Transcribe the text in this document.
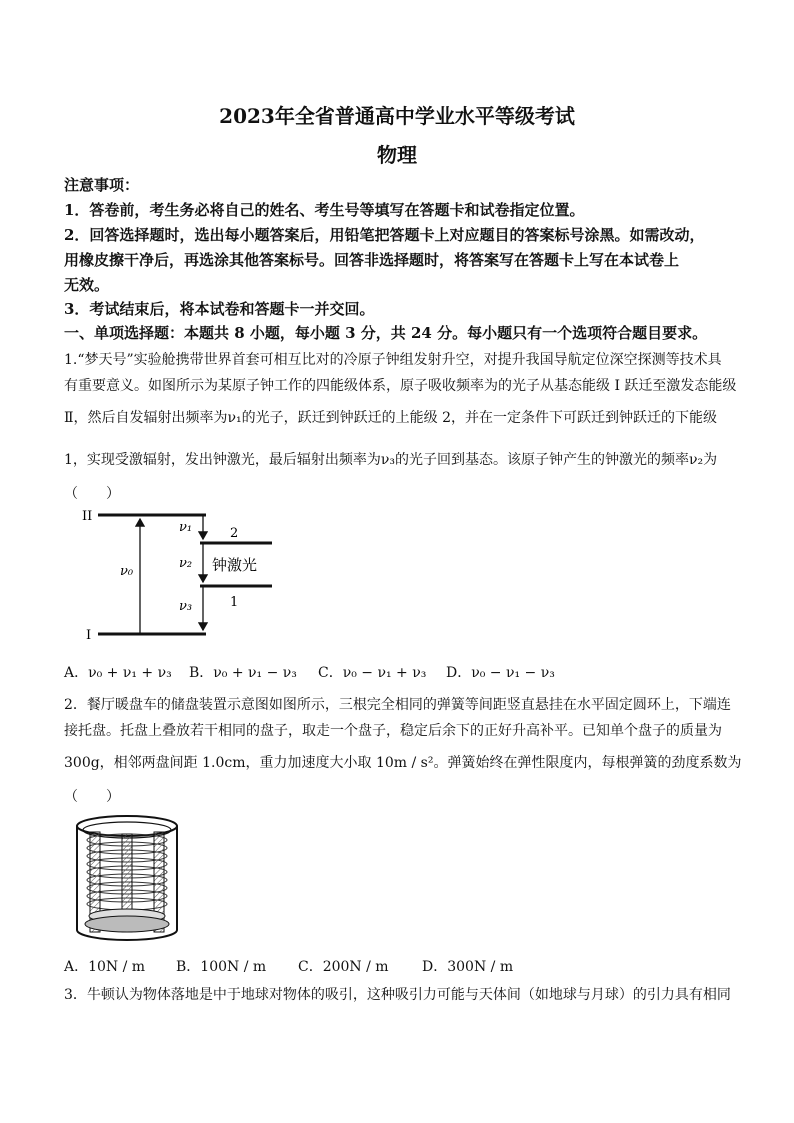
2023年全省普通高中学业水平等级考试
物理
注意事项：
1．答卷前，考生务必将自己的姓名、考生号等填写在答题卡和试卷指定位置。
2．回答选择题时，选出每小题答案后，用铅笔把答题卡上对应题目的答案标号涂黑。如需改动，
用橡皮擦干净后，再选涂其他答案标号。回答非选择题时，将答案写在答题卡上写在本试卷上
无效。
3．考试结束后，将本试卷和答题卡一并交回。
一、单项选择题：本题共 8 小题，每小题 3 分，共 24 分。每小题只有一个选项符合题目要求。
1.“梦天号”实验舱携带世界首套可相互比对的冷原子钟组发射升空，对提升我国导航定位深空探测等技术具
有重要意义。如图所示为某原子钟工作的四能级体系，原子吸收频率为的光子从基态能级 I 跃迁至激发态能级
Ⅱ，然后自发辐射出频率为ν₁的光子，跃迁到钟跃迁的上能级 2，并在一定条件下可跃迁到钟跃迁的下能级
1，实现受激辐射，发出钟激光，最后辐射出频率为ν₃的光子回到基态。该原子钟产生的钟激光的频率ν₂为
（　　）
II
I
2
1
ν₀
ν₁
ν₂
ν₃
钟激光
A．ν₀ + ν₁ + ν₃ B．ν₀ + ν₁ − ν₃ C．ν₀ − ν₁ + ν₃ D．ν₀ − ν₁ − ν₃
2．餐厅暖盘车的储盘装置示意图如图所示，三根完全相同的弹簧等间距竖直悬挂在水平固定圆环上，下端连
接托盘。托盘上叠放若干相同的盘子，取走一个盘子，稳定后余下的正好升高补平。已知单个盘子的质量为
300g，相邻两盘间距 1.0cm，重力加速度大小取 10m / s²。弹簧始终在弹性限度内，每根弹簧的劲度系数为
（　　）
A．10N / m B．100N / m C．200N / m D．300N / m
3．牛顿认为物体落地是中于地球对物体的吸引，这种吸引力可能与天体间（如地球与月球）的引力具有相同
